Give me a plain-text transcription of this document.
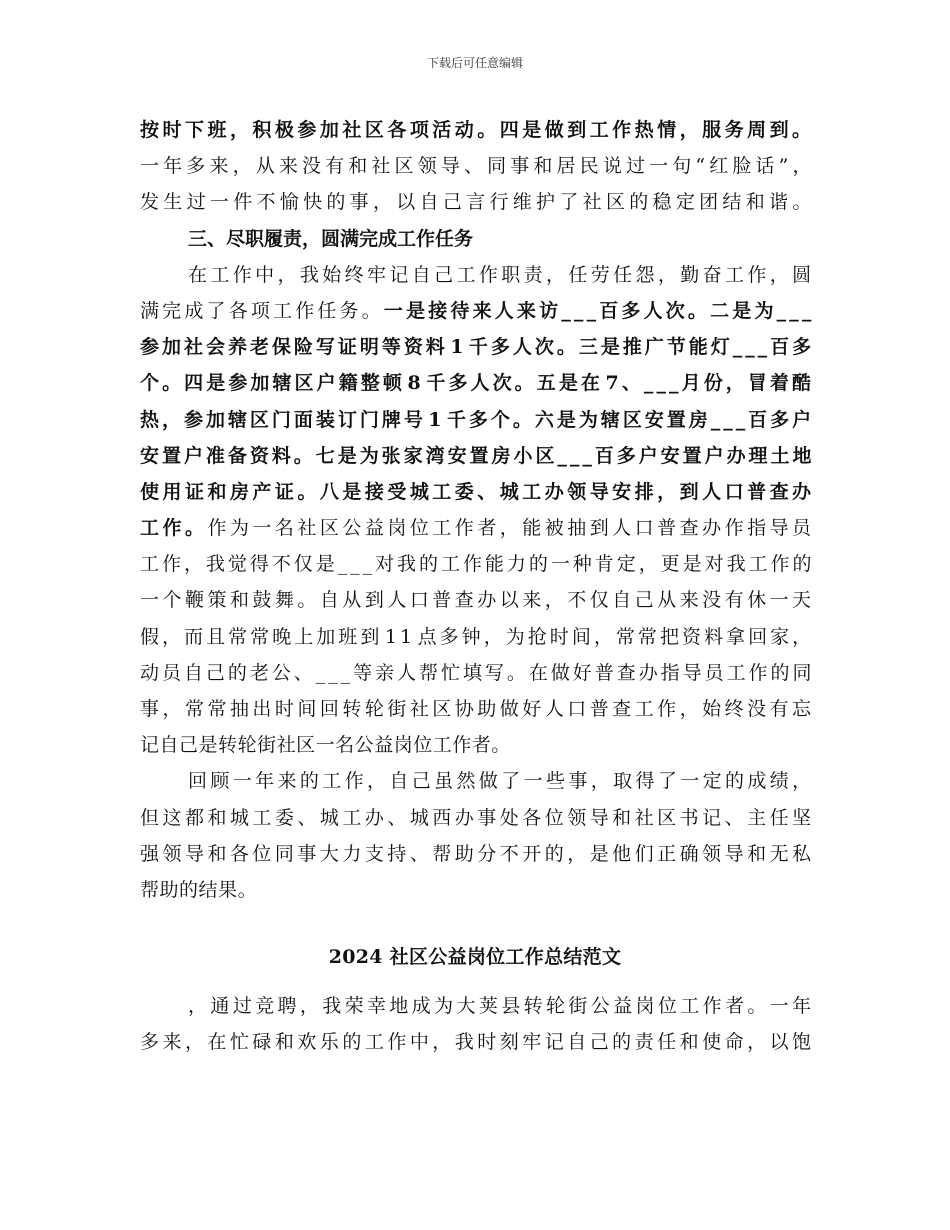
下载后可任意编辑
按 时 下 班 ， 积 极 参 加 社 区 各 项 活 动 。 四 是 做 到 工 作 热 情 ， 服 务 周 到 。
一 年 多 来 ， 从 来 没 有 和 社 区 领 导 、 同 事 和 居 民 说 过 一 句 “ 红 脸 话 ” ，
发 生 过 一 件 不 愉 快 的 事 ， 以 自 己 言 行 维 护 了 社 区 的 稳 定 团 结 和 谐 。
三、尽职履责，圆满完成工作任务
在 工 作 中 ， 我 始 终 牢 记 自 己 工 作 职 责 ， 任 劳 任 怨 ， 勤 奋 工 作 ， 圆
满 完 成 了 各 项 工 作 任 务 。 一 是 接 待 来 人 来 访 _ _ _ 百 多 人 次 。 二 是 为 _ _ _
参 加 社 会 养 老 保 险 写 证 明 等 资 料 1 千 多 人 次 。 三 是 推 广 节 能 灯 _ _ _ 百 多
个 。 四 是 参 加 辖 区 户 籍 整 顿 8 千 多 人 次 。 五 是 在 7 、 _ _ _ 月 份 ， 冒 着 酷
热 ， 参 加 辖 区 门 面 装 订 门 牌 号 1 千 多 个 。 六 是 为 辖 区 安 置 房 _ _ _ 百 多 户
安 置 户 准 备 资 料 。 七 是 为 张 家 湾 安 置 房 小 区 _ _ _ 百 多 户 安 置 户 办 理 土 地
使 用 证 和 房 产 证 。 八 是 接 受 城 工 委 、 城 工 办 领 导 安 排 ， 到 人 口 普 查 办
工 作 。 作 为 一 名 社 区 公 益 岗 位 工 作 者 ， 能 被 抽 到 人 口 普 查 办 作 指 导 员
工 作 ， 我 觉 得 不 仅 是 _ _ _ 对 我 的 工 作 能 力 的 一 种 肯 定 ， 更 是 对 我 工 作 的
一 个 鞭 策 和 鼓 舞 。 自 从 到 人 口 普 查 办 以 来 ， 不 仅 自 己 从 来 没 有 休 一 天
假 ， 而 且 常 常 晚 上 加 班 到 1 1 点 多 钟 ， 为 抢 时 间 ， 常 常 把 资 料 拿 回 家 ，
动 员 自 己 的 老 公 、 _ _ _ 等 亲 人 帮 忙 填 写 。 在 做 好 普 查 办 指 导 员 工 作 的 同
事 ， 常 常 抽 出 时 间 回 转 轮 街 社 区 协 助 做 好 人 口 普 查 工 作 ， 始 终 没 有 忘
记 自 己 是 转 轮 街 社 区 一 名 公 益 岗 位 工 作 者 。
回 顾 一 年 来 的 工 作 ， 自 己 虽 然 做 了 一 些 事 ， 取 得 了 一 定 的 成 绩 ，
但 这 都 和 城 工 委 、 城 工 办 、 城 西 办 事 处 各 位 领 导 和 社 区 书 记 、 主 任 坚
强 领 导 和 各 位 同 事 大 力 支 持 、 帮 助 分 不 开 的 ， 是 他 们 正 确 领 导 和 无 私
帮 助 的 结 果 。
2024 社区公益岗位工作总结范文
， 通 过 竞 聘 ， 我 荣 幸 地 成 为 大 荚 县 转 轮 街 公 益 岗 位 工 作 者 。 一 年
多 来 ， 在 忙 碌 和 欢 乐 的 工 作 中 ， 我 时 刻 牢 记 自 己 的 责 任 和 使 命 ， 以 饱
